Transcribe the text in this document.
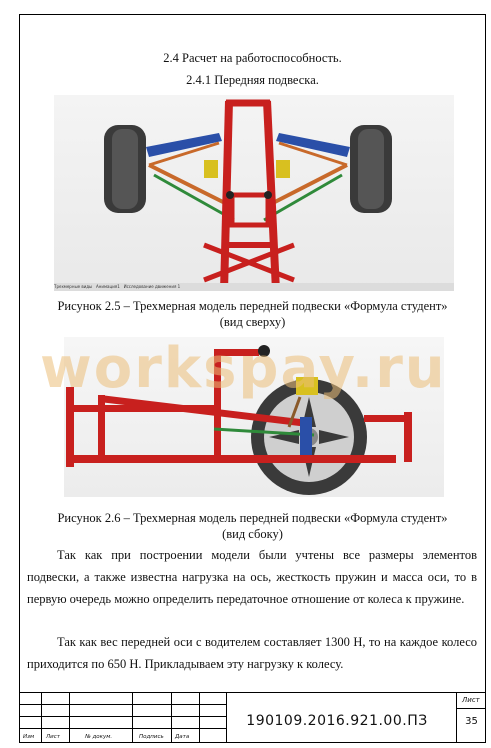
2.4 Расчет на работоспособность.
2.4.1 Передняя подвеска.
Трехмерные виды Анимация1 Исследование движения 1
Рисунок 2.5 – Трехмерная модель передней подвески «Формула студент»
(вид сверху)
workspay.ru
Рисунок 2.6 – Трехмерная модель передней подвески «Формула студент»
(вид сбоку)
Так как при построении модели были учтены все размеры элементов подвески, а также известна нагрузка на ось, жесткость пружин и масса оси, то в первую очередь можно определить передаточное отношение от колеса к пружине.
Так как вес передней оси с водителем составляет 1300 Н, то на каждое колесо приходится по 650 Н. Прикладываем эту нагрузку к колесу.
Изм Лист	№ докум.	Подпись Дата
Лист
35
190109.2016.921.00.ПЗ
